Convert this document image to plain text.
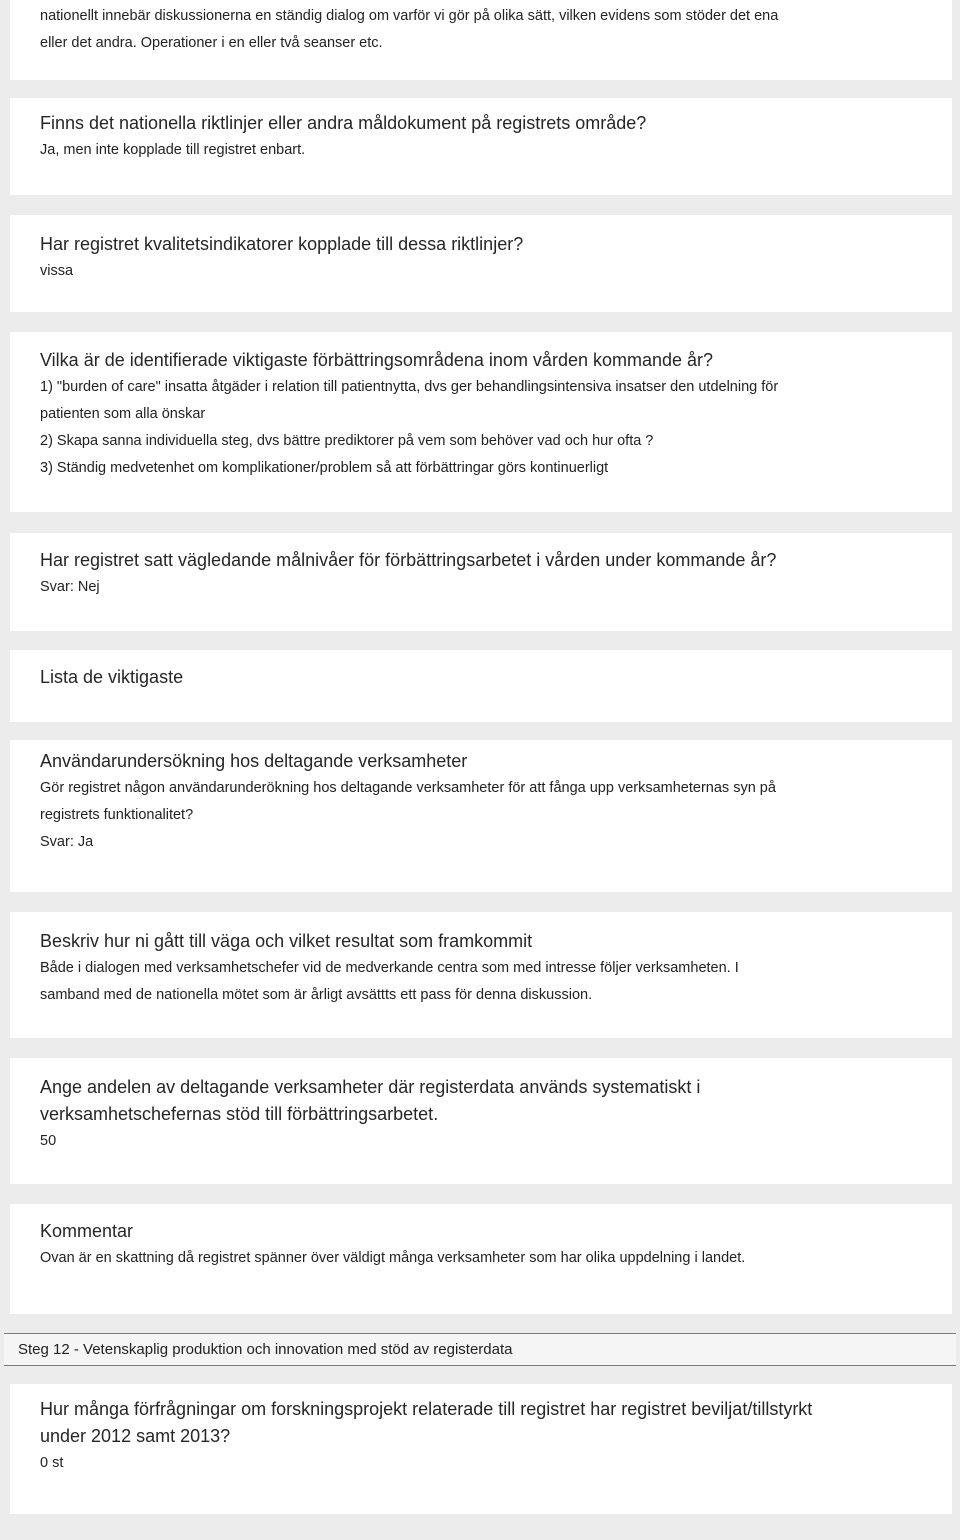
nationellt innebär diskussionerna en ständig dialog om varför vi gör på olika sätt, vilken evidens som stöder det ena

eller det andra. Operationer i en eller två seanser etc.

Finns det nationella riktlinjer eller andra måldokument på registrets område?

Ja, men inte kopplade till registret enbart.

Har registret kvalitetsindikatorer kopplade till dessa riktlinjer?

vissa

Vilka är de identifierade viktigaste förbättringsområdena inom vården kommande år?

1) "burden of care" insatta åtgäder i relation till patientnytta, dvs ger behandlingsintensiva insatser den utdelning för

patienten som alla önskar

2) Skapa sanna individuella steg, dvs bättre prediktorer på vem som behöver vad och hur ofta ?

3) Ständig medvetenhet om komplikationer/problem så att förbättringar görs kontinuerligt

Har registret satt vägledande målnivåer för förbättringsarbetet i vården under kommande år?

Svar: Nej

Lista de viktigaste
Användarundersökning hos deltagande verksamheter

Gör registret någon användarunderökning hos deltagande verksamheter för att fånga upp verksamheternas syn på

registrets funktionalitet?

Svar: Ja

Beskriv hur ni gått till väga och vilket resultat som framkommit

Både i dialogen med verksamhetschefer vid de medverkande centra som med intresse följer verksamheten. I

samband med de nationella mötet som är årligt avsättts ett pass för denna diskussion.

Ange andelen av deltagande verksamheter där registerdata används systematiskt i
verksamhetschefernas stöd till förbättringsarbetet.

50

Kommentar

Ovan är en skattning då registret spänner över väldigt många verksamheter som har olika uppdelning i landet.

Steg 12 - Vetenskaplig produktion och innovation med stöd av registerdata
Hur många förfrågningar om forskningsprojekt relaterade till registret har registret beviljat/tillstyrkt
under 2012 samt 2013?

0 st
